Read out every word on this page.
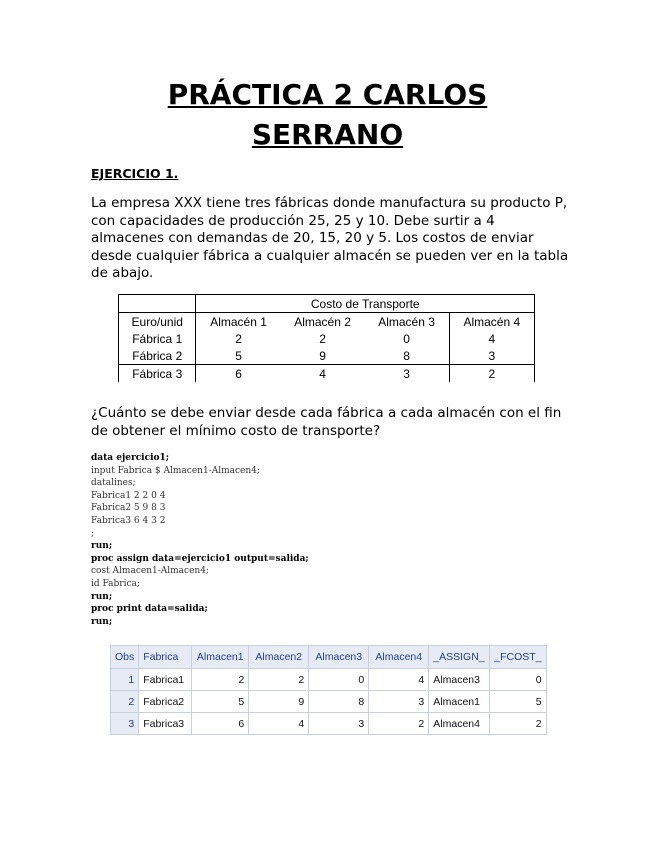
PRÁCTICA 2 CARLOS
SERRANO
EJERCICIO 1.
La empresa XXX tiene tres fábricas donde manufactura su producto P, con capacidades de producción 25, 25 y 10. Debe surtir a 4 almacenes con demandas de 20, 15, 20 y 5. Los costos de enviar desde cualquier fábrica a cualquier almacén se pueden ver en la tabla de abajo.
	Costo de Transporte			
Euro/unid	Almacén 1	Almacén 2	Almacén 3	Almacén 4
Fábrica 1	2	2	0	4
Fábrica 2	5	9	8	3
Fábrica 3	6	4	3	2
¿Cuánto se debe enviar desde cada fábrica a cada almacén con el fin de obtener el mínimo costo de transporte?
data ejercicio1;
input Fabrica $ Almacen1-Almacen4;
datalines;
Fabrica1 2 2 0 4
Fabrica2 5 9 8 3
Fabrica3 6 4 3 2
;
run;
proc assign data=ejercicio1 output=salida;
cost Almacen1-Almacen4;
id Fabrica;
run;
proc print data=salida;
run;
Obs	Fabrica	Almacen1	Almacen2	Almacen3	Almacen4	_ASSIGN_	_FCOST_
1	Fabrica1	2	2	0	4	Almacen3	0
2	Fabrica2	5	9	8	3	Almacen1	5
3	Fabrica3	6	4	3	2	Almacen4	2
